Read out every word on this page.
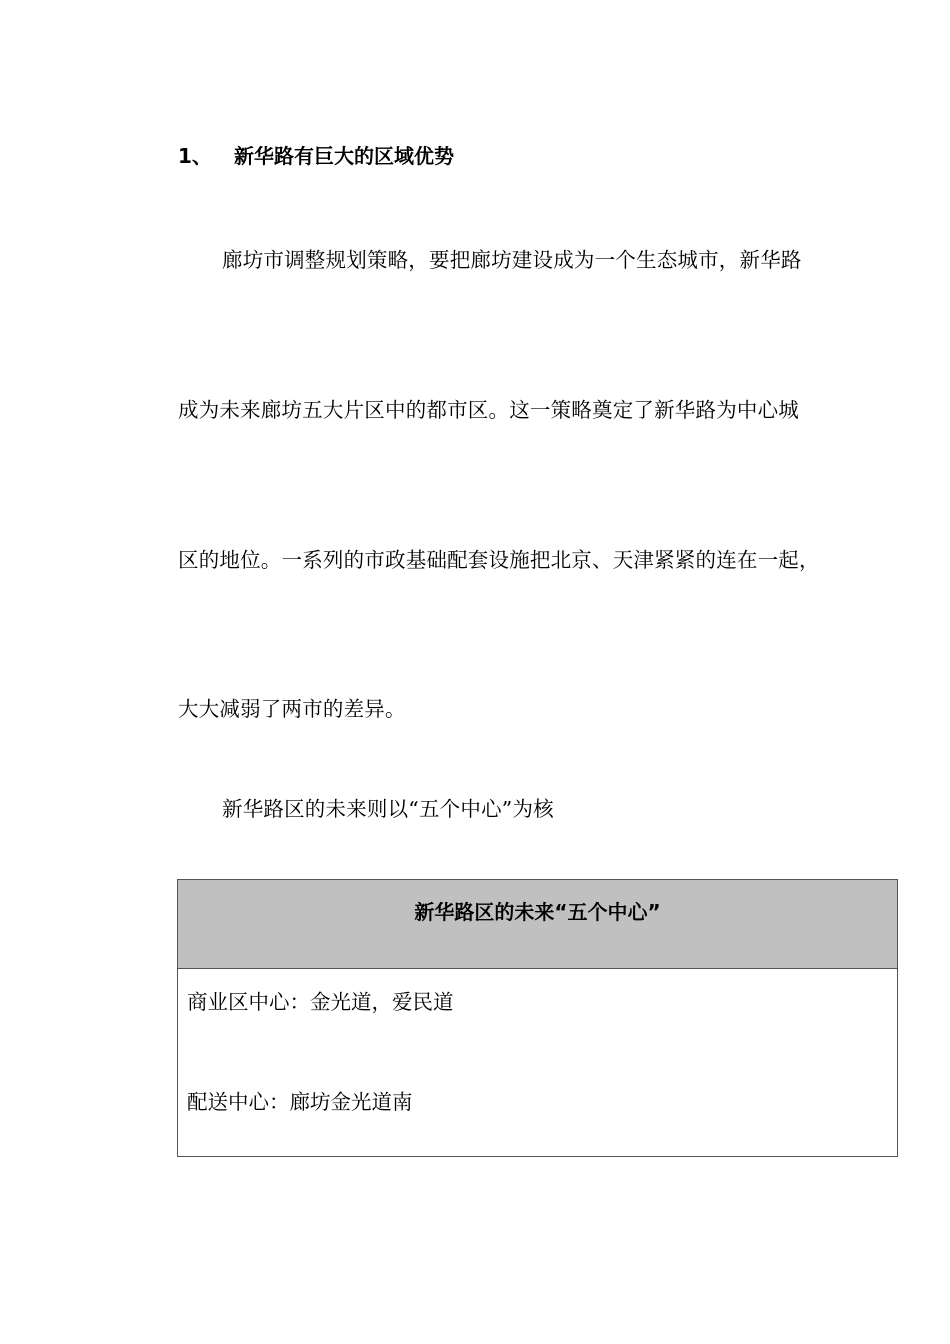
1、 新华路有巨大的区域优势
廊坊市调整规划策略，要把廊坊建设成为一个生态城市，新华路
成为未来廊坊五大片区中的都市区。这一策略奠定了新华路为中心城
区的地位。一系列的市政基础配套设施把北京、天津紧紧的连在一起，
大大减弱了两市的差异。
新华路区的未来则以“五个中心”为核
新华路区的未来“五个中心”
商业区中心：金光道，爱民道
配送中心：廊坊金光道南
